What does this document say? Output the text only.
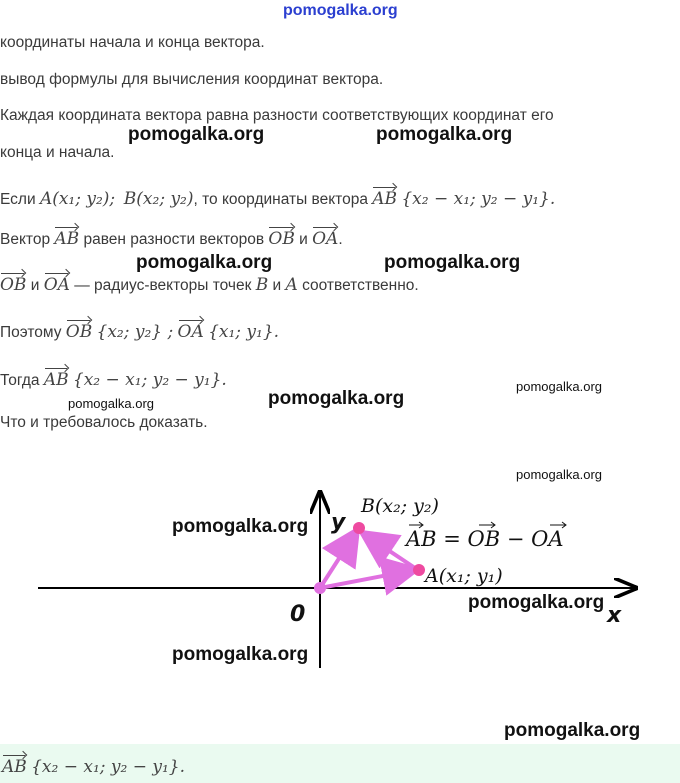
pomogalka.org
координаты начала и конца вектора.
вывод формулы для вычисления координат вектора.
Каждая координата вектора равна разности соответствующих координат его
конца и начала.
Если A(x₁; y₂); B(x₂; y₂), то координаты вектора AB {x₂ − x₁; y₂ − y₁}.
Вектор AB равен разности векторов OB и OA.
OB и OA — радиус-векторы точек B и A соответственно.
Поэтому OB {x₂; y₂} ; OA {x₁; y₁}.
Тогда AB {x₂ − x₁; y₂ − y₁}.
Что и требовалось доказать.
y
x
0
B(x₂; y₂)
A(x₁; y₁)
AB = OB − OA
pomogalka.org	pomogalka.org
pomogalka.org	pomogalka.org
pomogalka.org
pomogalka.org
pomogalka.org
pomogalka.org
pomogalka.org
pomogalka.org
pomogalka.org
pomogalka.org
AB {x₂ − x₁; y₂ − y₁}.
